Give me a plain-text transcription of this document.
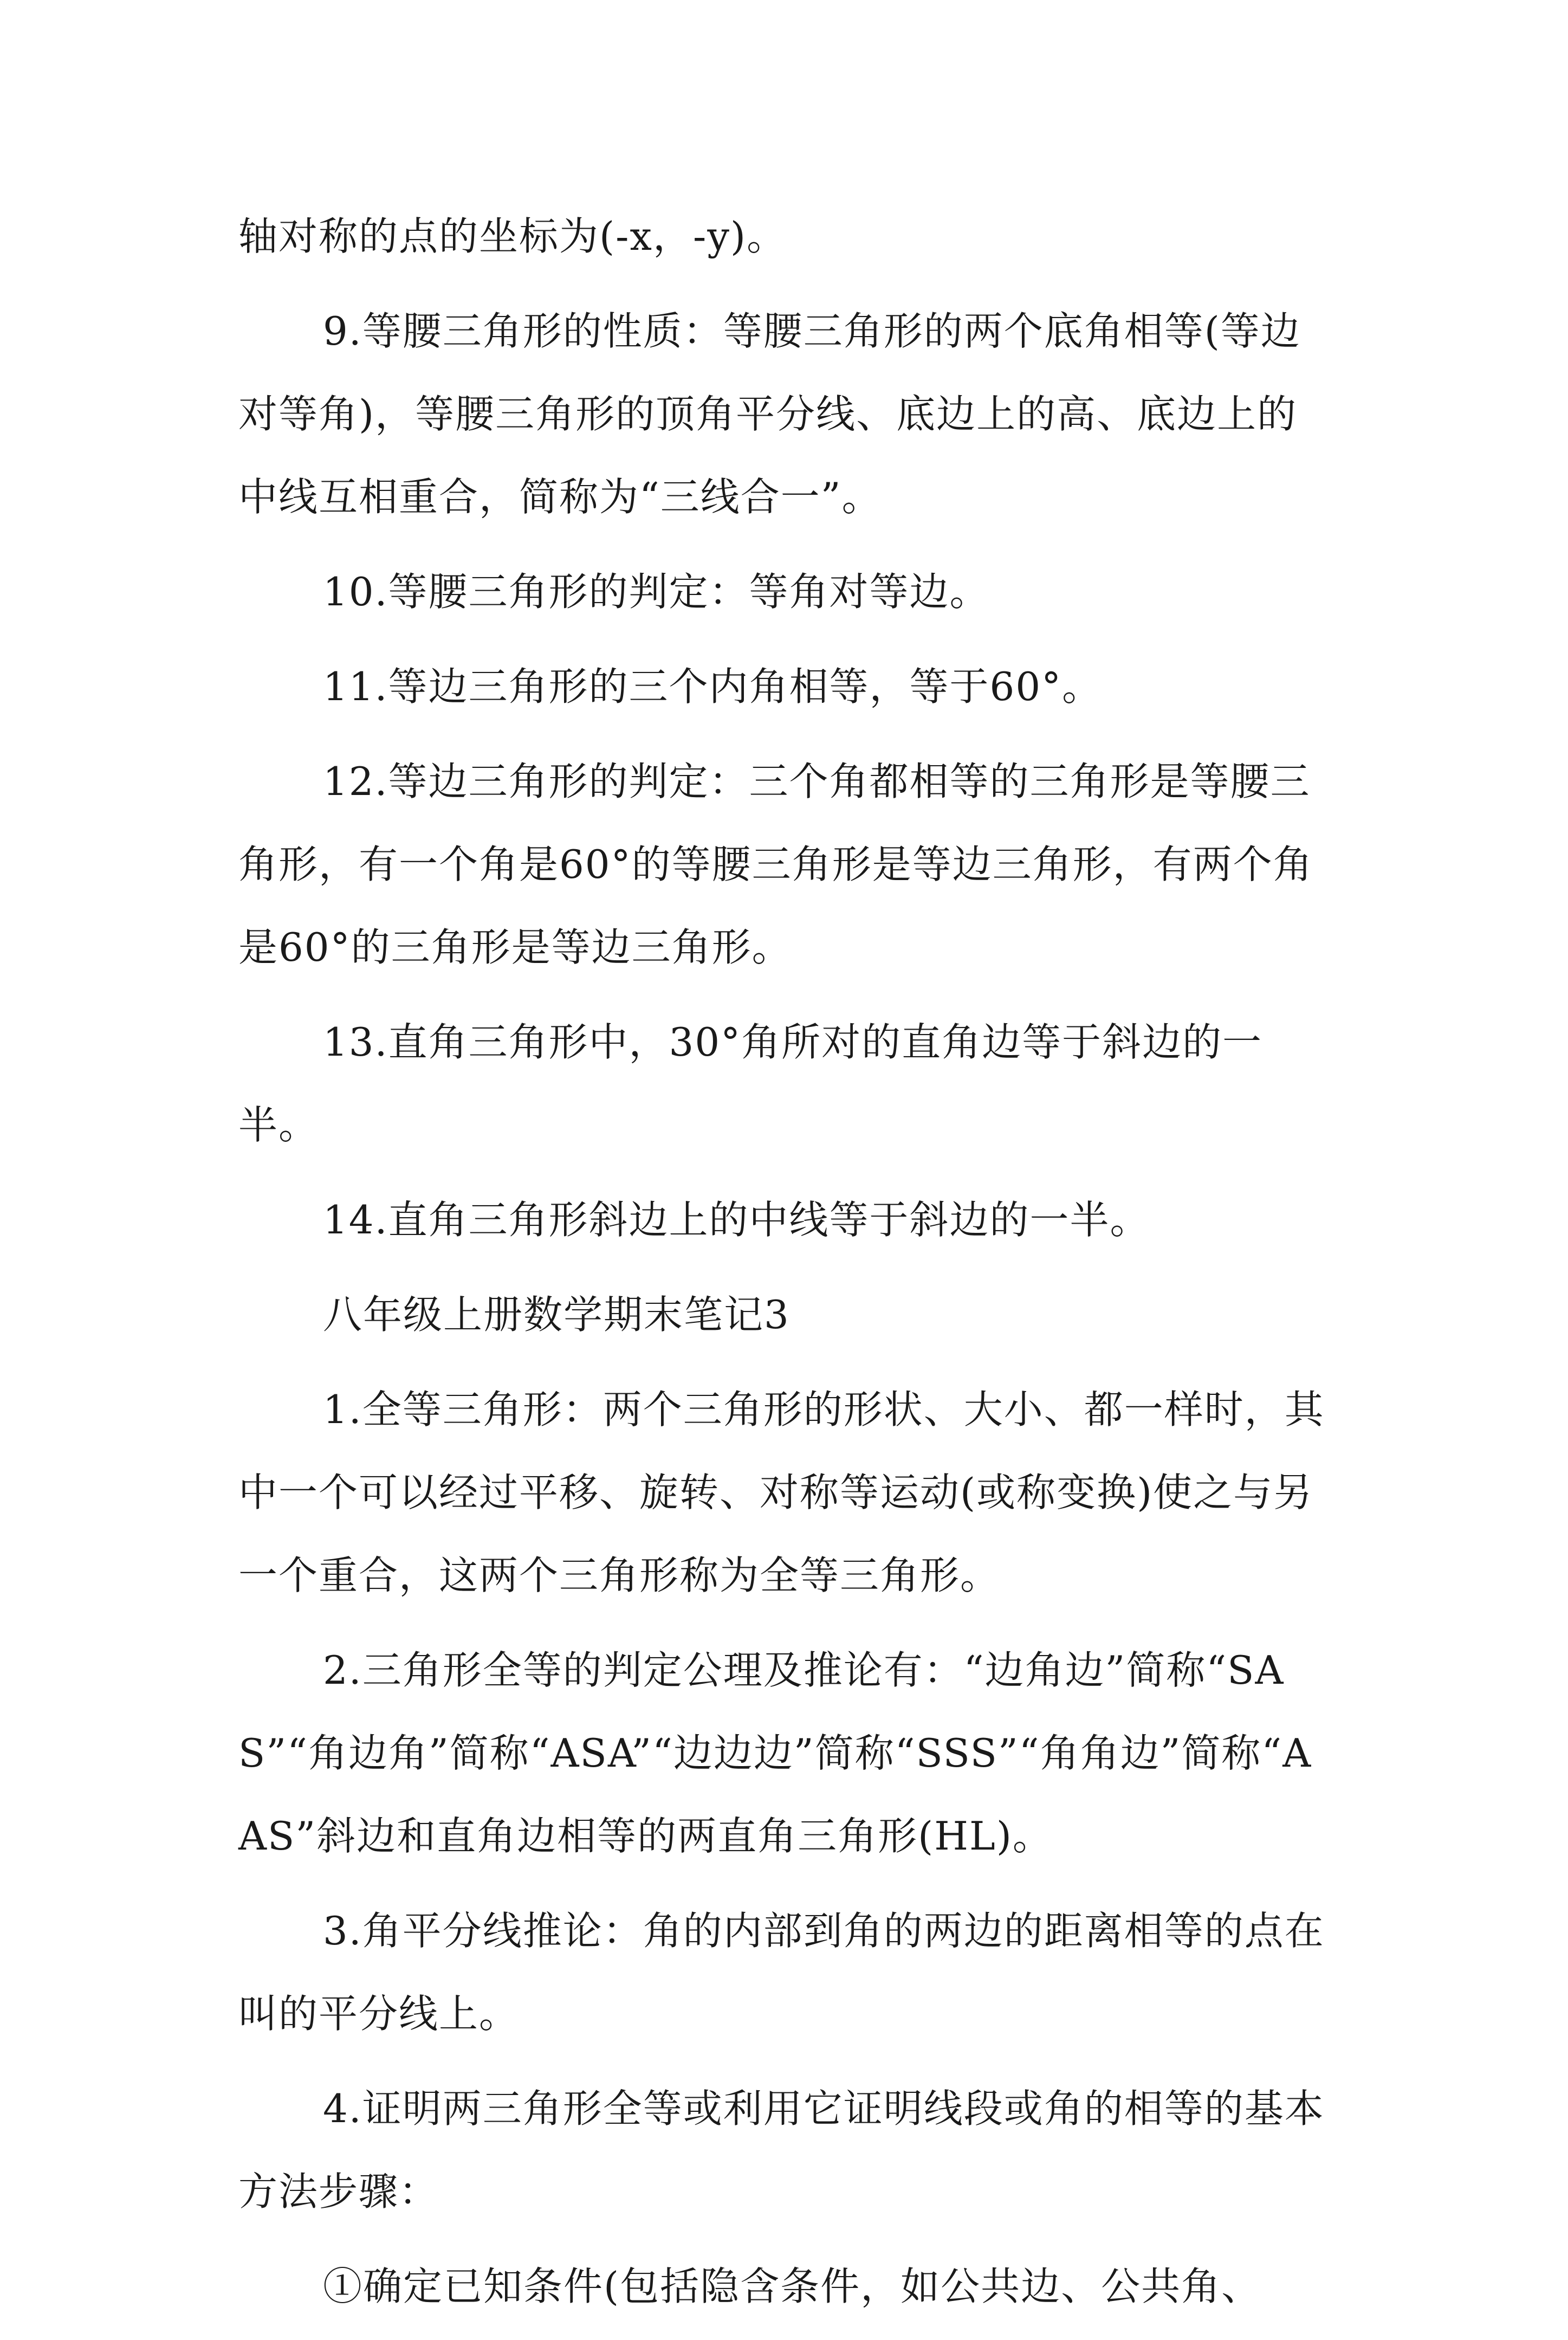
轴对称的点的坐标为(-x，-y)。

9.等腰三角形的性质：等腰三角形的两个底角相等(等边对等角)，等腰三角形的顶角平分线、底边上的高、底边上的中线互相重合，简称为“三线合一”。

10.等腰三角形的判定：等角对等边。

11.等边三角形的三个内角相等，等于60°。

12.等边三角形的判定：三个角都相等的三角形是等腰三角形，有一个角是60°的等腰三角形是等边三角形，有两个角是60°的三角形是等边三角形。

13.直角三角形中，30°角所对的直角边等于斜边的一半。

14.直角三角形斜边上的中线等于斜边的一半。

八年级上册数学期末笔记3

1.全等三角形：两个三角形的形状、大小、都一样时，其中一个可以经过平移、旋转、对称等运动(或称变换)使之与另一个重合，这两个三角形称为全等三角形。

2.三角形全等的判定公理及推论有：“边角边”简称“SAS”“角边角”简称“ASA”“边边边”简称“SSS”“角角边”简称“AAS”斜边和直角边相等的两直角三角形(HL)。

3.角平分线推论：角的内部到角的两边的距离相等的点在叫的平分线上。

4.证明两三角形全等或利用它证明线段或角的相等的基本方法步骤：

①确定已知条件(包括隐含条件，如公共边、公共角、
